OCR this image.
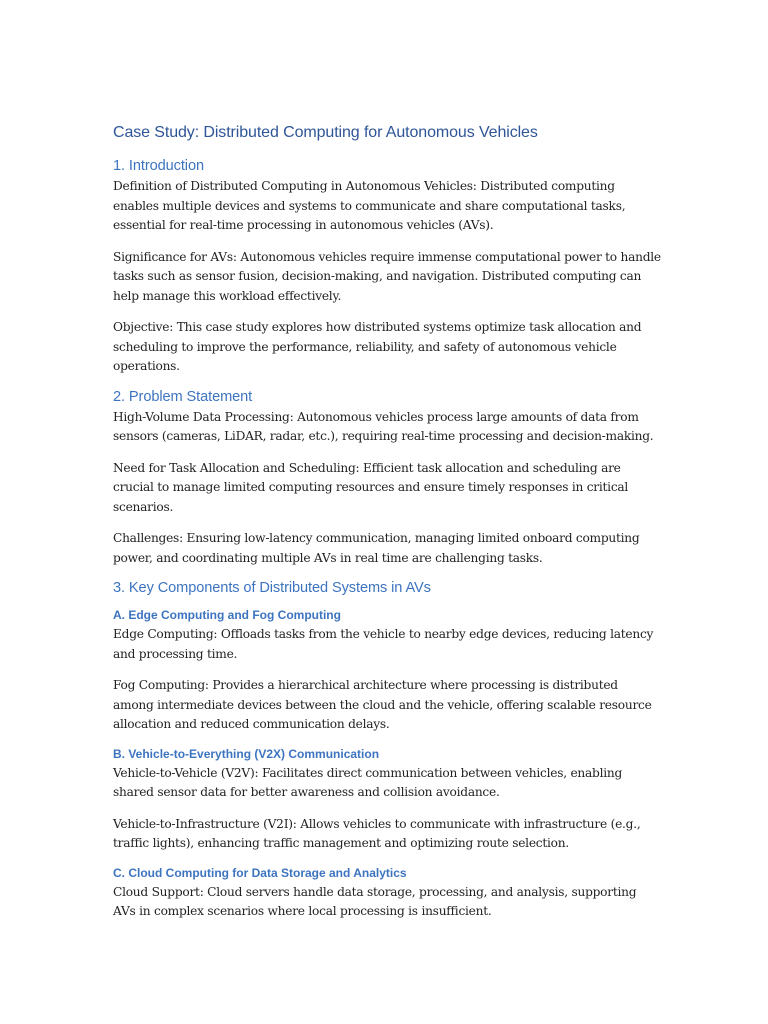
Case Study: Distributed Computing for Autonomous Vehicles
1. Introduction

Definition of Distributed Computing in Autonomous Vehicles: Distributed computing enables multiple devices and systems to communicate and share computational tasks, essential for real-time processing in autonomous vehicles (AVs).

Significance for AVs: Autonomous vehicles require immense computational power to handle tasks such as sensor fusion, decision-making, and navigation. Distributed computing can help manage this workload effectively.

Objective: This case study explores how distributed systems optimize task allocation and scheduling to improve the performance, reliability, and safety of autonomous vehicle operations.

2. Problem Statement

High-Volume Data Processing: Autonomous vehicles process large amounts of data from sensors (cameras, LiDAR, radar, etc.), requiring real-time processing and decision-making.

Need for Task Allocation and Scheduling: Efficient task allocation and scheduling are crucial to manage limited computing resources and ensure timely responses in critical scenarios.

Challenges: Ensuring low-latency communication, managing limited onboard computing power, and coordinating multiple AVs in real time are challenging tasks.

3. Key Components of Distributed Systems in AVs
A. Edge Computing and Fog Computing

Edge Computing: Offloads tasks from the vehicle to nearby edge devices, reducing latency and processing time.

Fog Computing: Provides a hierarchical architecture where processing is distributed among intermediate devices between the cloud and the vehicle, offering scalable resource allocation and reduced communication delays.

B. Vehicle-to-Everything (V2X) Communication

Vehicle-to-Vehicle (V2V): Facilitates direct communication between vehicles, enabling shared sensor data for better awareness and collision avoidance.

Vehicle-to-Infrastructure (V2I): Allows vehicles to communicate with infrastructure (e.g., traffic lights), enhancing traffic management and optimizing route selection.

C. Cloud Computing for Data Storage and Analytics

Cloud Support: Cloud servers handle data storage, processing, and analysis, supporting AVs in complex scenarios where local processing is insufficient.
